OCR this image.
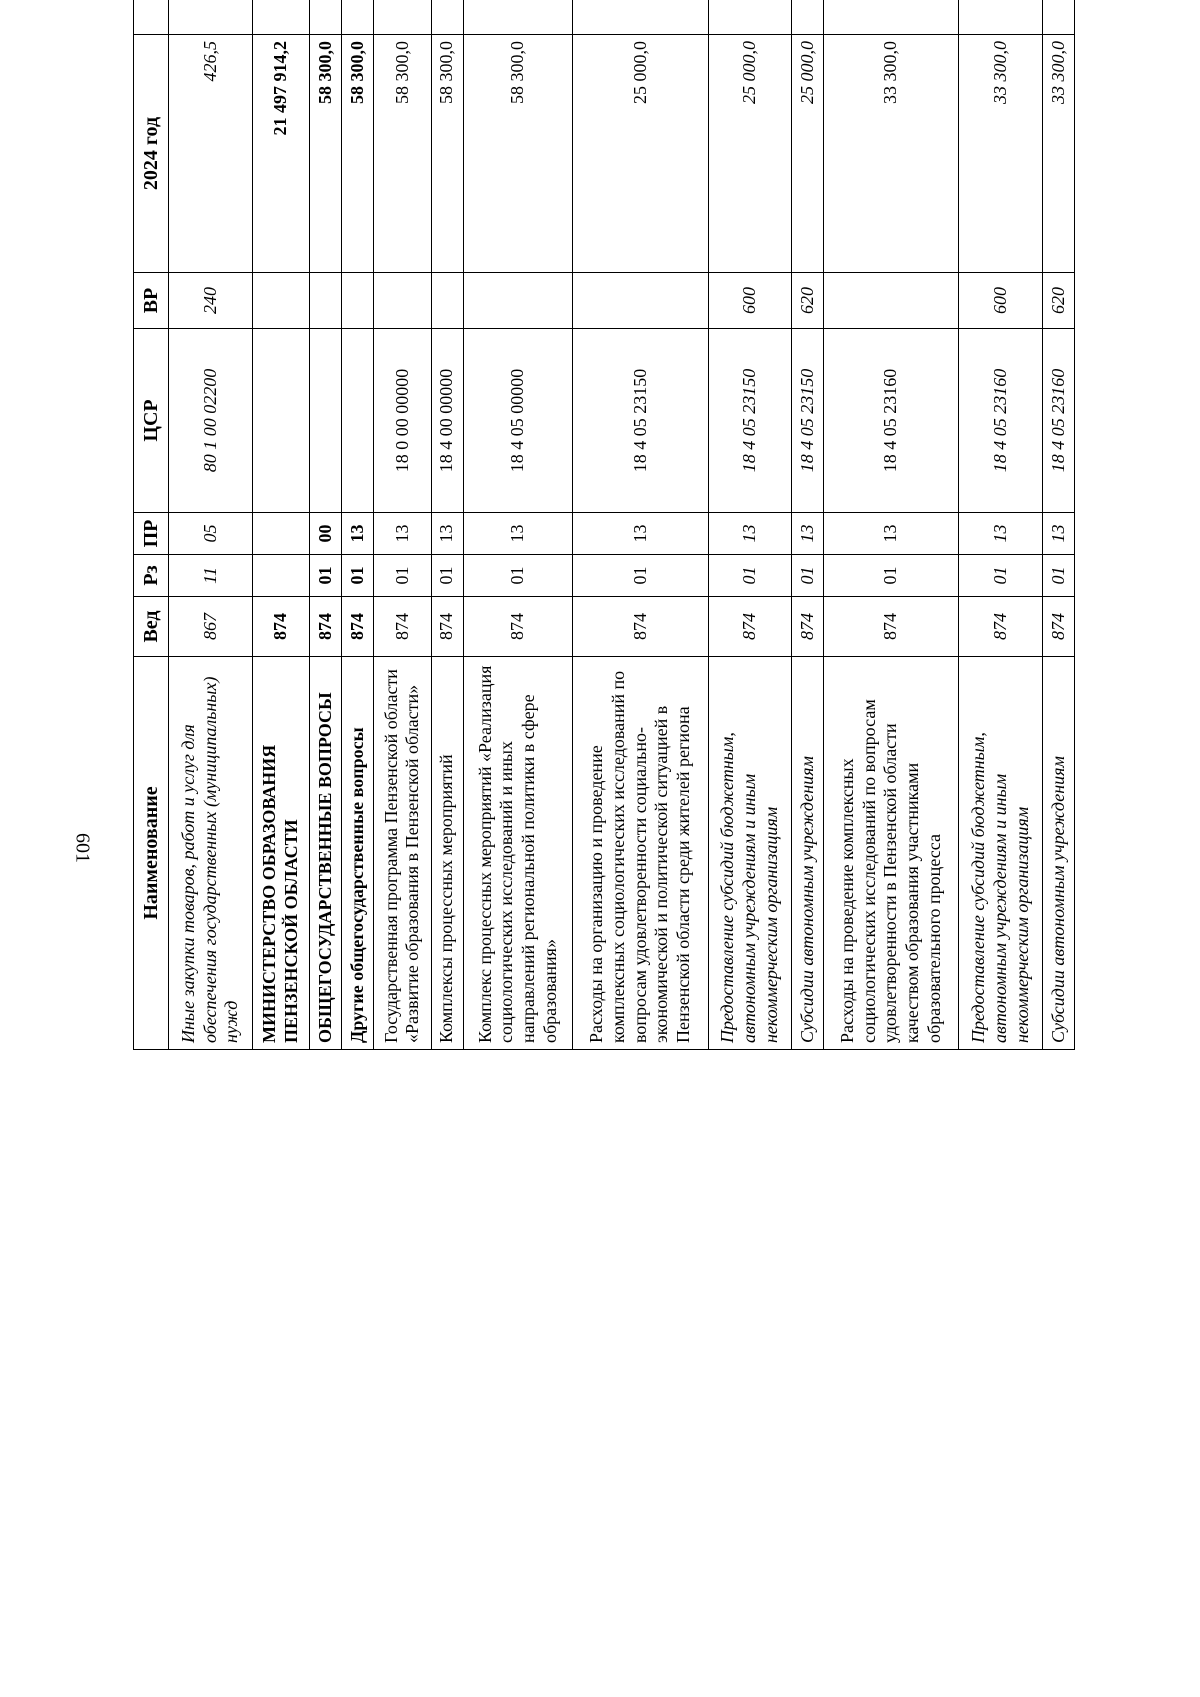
601 Наименование	Вед	Рз	ПР	ЦСР	ВР	2024 год		
Иные закупки товаров, работ и услуг для обеспечения государственных (муниципальных) нужд	867	11	05	80 1 00 02200	240	426,5		
МИНИСТЕРСТВО ОБРАЗОВАНИЯ ПЕНЗЕНСКОЙ ОБЛАСТИ	874					21 497 914,2		
ОБЩЕГОСУДАРСТВЕННЫЕ ВОПРОСЫ	874	01	00			58 300,0		
Другие общегосударственные вопросы	874	01	13			58 300,0		
Государственная программа Пензенской области «Развитие образования в Пензенской области»	874	01	13	18 0 00 00000		58 300,0		
Комплексы процессных мероприятий	874	01	13	18 4 00 00000		58 300,0		
Комплекс процессных мероприятий «Реализация социологических исследований и иных направлений региональной политики в сфере образования»	874	01	13	18 4 05 00000		58 300,0		
Расходы на организацию и проведение комплексных социологических исследований по вопросам удовлетворенности социально-экономической и политической ситуацией в Пензенской области среди жителей региона	874	01	13	18 4 05 23150		25 000,0		
Предоставление субсидий бюджетным, автономным учреждениям и иным некоммерческим организациям	874	01	13	18 4 05 23150	600	25 000,0		
Субсидии автономным учреждениям	874	01	13	18 4 05 23150	620	25 000,0		
Расходы на проведение комплексных социологических исследований по вопросам удовлетворенности в Пензенской области качеством образования участниками образовательного процесса	874	01	13	18 4 05 23160		33 300,0		
Предоставление субсидий бюджетным, автономным учреждениям и иным некоммерческим организациям	874	01	13	18 4 05 23160	600	33 300,0		
Субсидии автономным учреждениям	874	01	13	18 4 05 23160	620	33 300,0		
